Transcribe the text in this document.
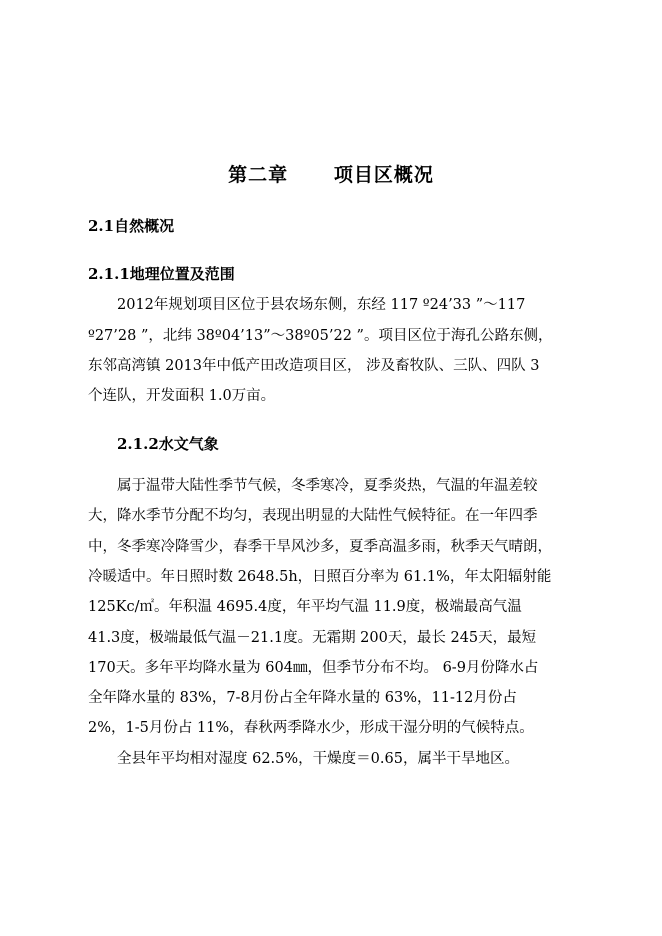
第二章      项目区概况
2.1自然概况
2.1.1地理位置及范围
2012年规划项目区位于县农场东侧，东经 117 º24’33 ”～117
º27’28 ”，北纬 38º04’13”～38º05’22 ”。项目区位于海孔公路东侧，
东邻高湾镇 2013年中低产田改造项目区， 涉及畜牧队、三队、四队 3
个连队，开发面积 1.0万亩。
2.1.2水文气象
属于温带大陆性季节气候，冬季寒冷，夏季炎热，气温的年温差较
大，降水季节分配不均匀，表现出明显的大陆性气候特征。在一年四季
中，冬季寒冷降雪少，春季干旱风沙多，夏季高温多雨，秋季天气晴朗，
冷暖适中。年日照时数 2648.5h，日照百分率为 61.1%，年太阳辐射能
125Kc/㎡。年积温 4695.4度，年平均气温 11.9度，极端最高气温
41.3度，极端最低气温－21.1度。无霜期 200天，最长 245天，最短
170天。多年平均降水量为 604㎜，但季节分布不均。 6-9月份降水占
全年降水量的 83%，7-8月份占全年降水量的 63%，11-12月份占
2%，1-5月份占 11%，春秋两季降水少，形成干湿分明的气候特点。
全县年平均相对湿度 62.5%，干燥度＝0.65，属半干旱地区。
